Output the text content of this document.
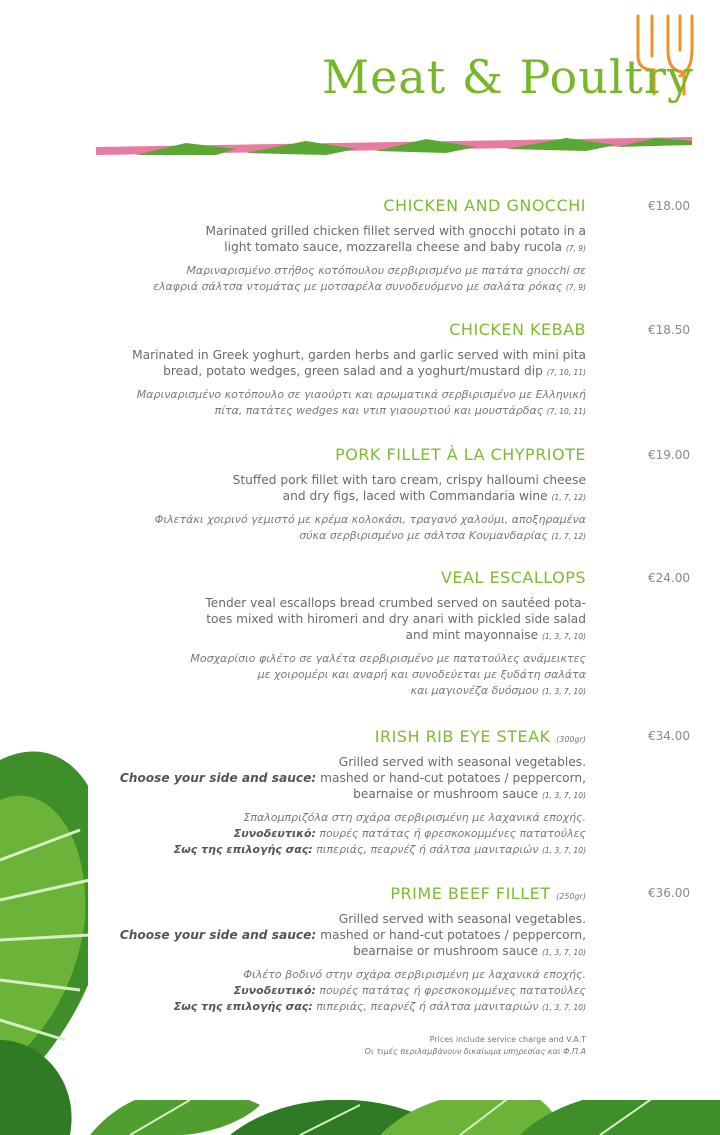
Meat & Poultry
CHICKEN AND GNOCCHI

Marinated grilled chicken fillet served with gnocchi potato in a
light tomato sauce, mozzarella cheese and baby rucola (7, 9)

Μαριναρισμένο στήθος κοτόπουλου σερβιρισμένο με πατάτα gnocchi σε
ελαφριά σάλτσα ντομάτας με μοτσαρέλα συνοδευόμενο με σαλάτα ρόκας (7, 9)

€18.00
CHICKEN KEBAB

Marinated in Greek yoghurt, garden herbs and garlic served with mini pita
bread, potato wedges, green salad and a yoghurt/mustard dip (7, 10, 11)

Μαριναρισμένο κοτόπουλο σε γιαούρτι και αρωματικά σερβιρισμένο με Ελληνική
πίτα, πατάτες wedges και ντιπ γιαουρτιού και μουστάρδας (7, 10, 11)

€18.50
PORK FILLET À LA CHYPRIOTE

Stuffed pork fillet with taro cream, crispy halloumi cheese
and dry figs, laced with Commandaria wine (1, 7, 12)

Φιλετάκι χοιρινό γεμιστό με κρέμα κολοκάσι, τραγανό χαλούμι, αποξηραμένα
σύκα σερβιρισμένο με σάλτσα Κουμανδαρίας (1, 7, 12)

€19.00
VEAL ESCALLOPS

Tender veal escallops bread crumbed served on sautéed pota-
toes mixed with hiromeri and dry anari with pickled side salad
and mint mayonnaise (1, 3, 7, 10)

Μοσχαρίσιο φιλέτο σε γαλέτα σερβιρισμένο με πατατούλες ανάμεικτες
με χοιρομέρι και αναρή και συνοδεύεται με ξυδάτη σαλάτα
και μαγιονέζα δυόσμου (1, 3, 7, 10)

€24.00
IRISH RIB EYE STEAK (300gr)

Grilled served with seasonal vegetables.
Choose your side and sauce: mashed or hand-cut potatoes / peppercorn,
bearnaise or mushroom sauce (1, 3, 7, 10)

Σπαλομπριζόλα στη σχάρα σερβιρισμένη με λαχανικά εποχής.
Συνοδευτικό: πουρές πατάτας ή φρεσκοκομμένες πατατούλες
Σως της επιλογής σας: πιπεριάς, πεαρνέζ ή σάλτσα μανιταριών (1, 3, 7, 10)

€34.00
PRIME BEEF FILLET (250gr)

Grilled served with seasonal vegetables.
Choose your side and sauce: mashed or hand-cut potatoes / peppercorn,
bearnaise or mushroom sauce (1, 3, 7, 10)

Φιλέτο βοδινό στην σχάρα σερβιρισμένη με λαχανικά εποχής.
Συνοδευτικό: πουρές πατάτας ή φρεσκοκομμένες πατατούλες
Σως της επιλογής σας: πιπεριάς, πεαρνέζ ή σάλτσα μανιταριών (1, 3, 7, 10)

€36.00
Prices include service charge and V.A.T
Οι τιμές περιλαμβάνουν δικαίωμα υπηρεσίας και Φ.Π.Α
